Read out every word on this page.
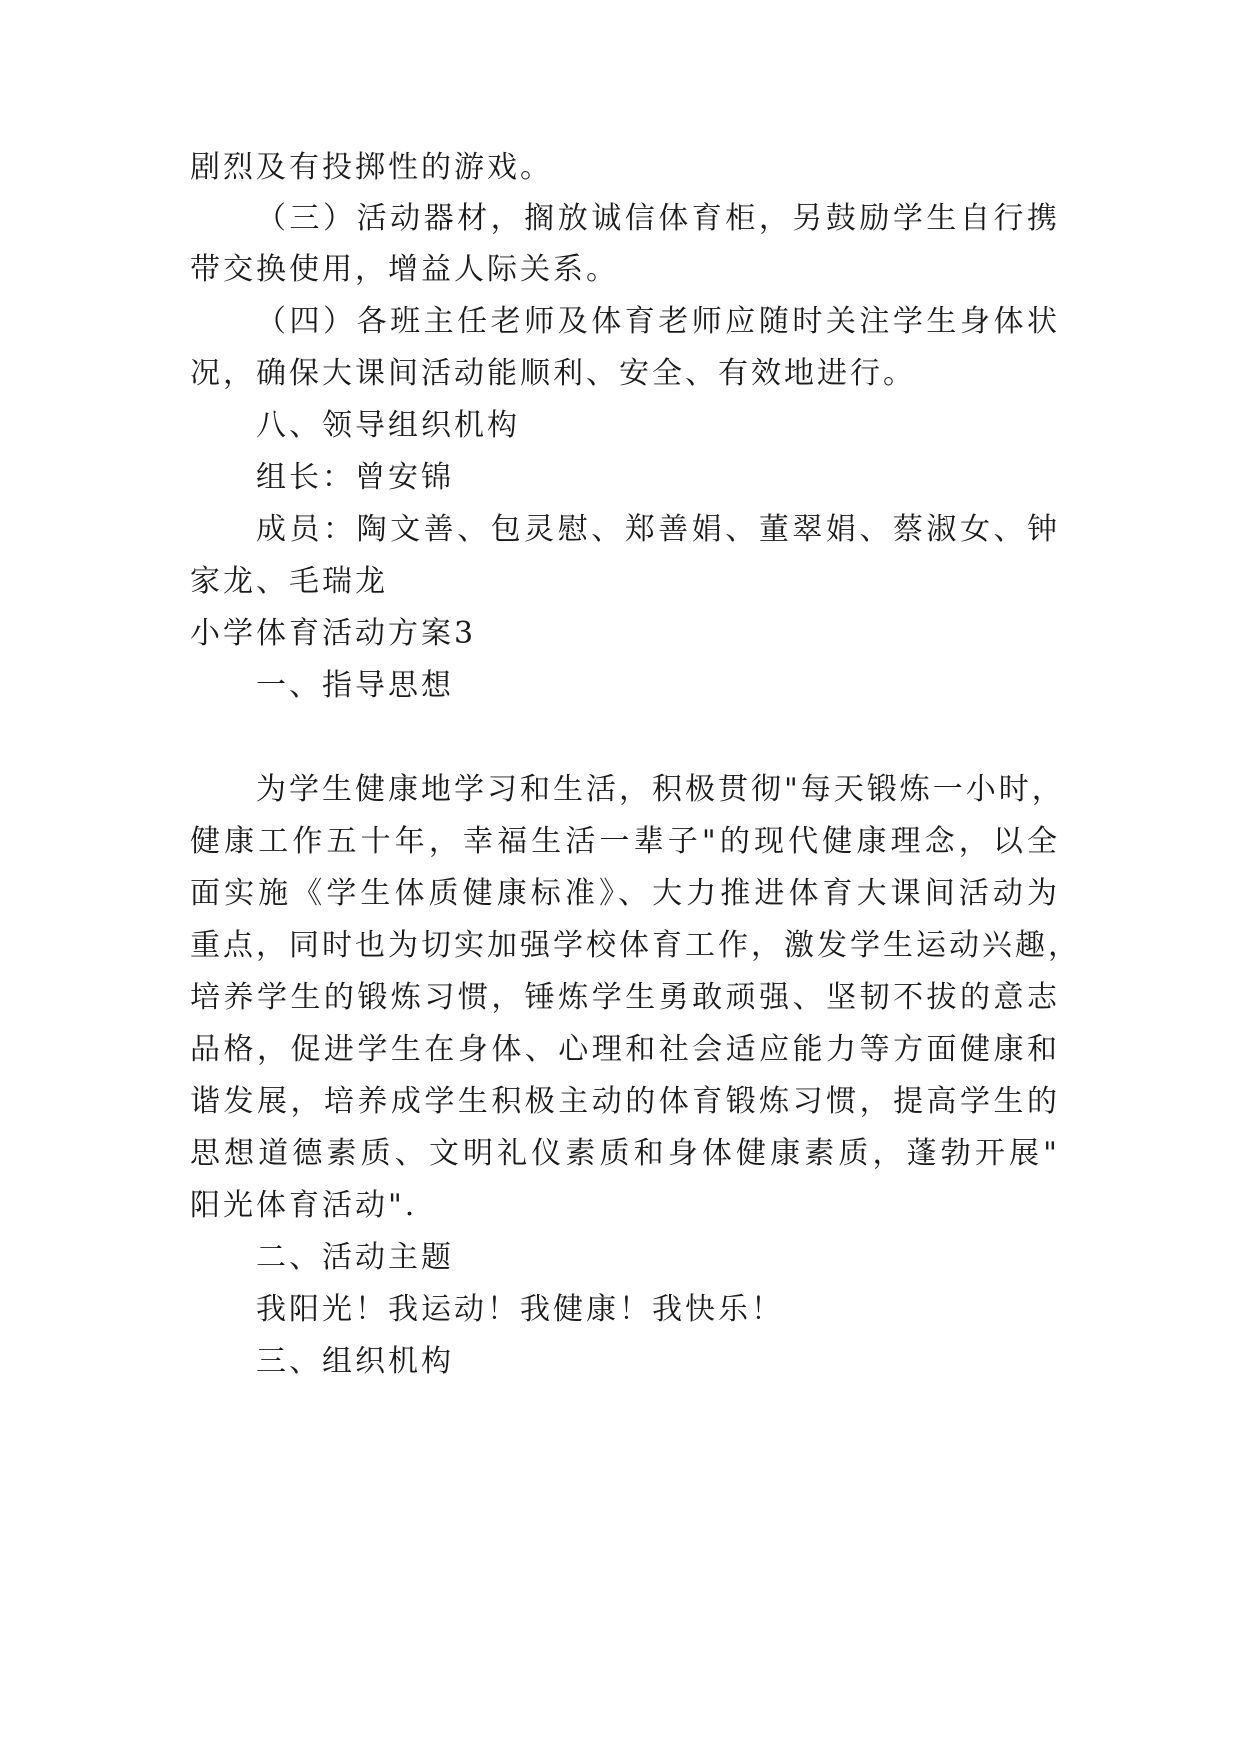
剧烈及有投掷性的游戏。
（三）活动器材，搁放诚信体育柜，另鼓励学生自行携
带交换使用，增益人际关系。
（四）各班主任老师及体育老师应随时关注学生身体状
况，确保大课间活动能顺利、安全、有效地进行。
八、领导组织机构
组长：曾安锦
成员：陶文善、包灵慰、郑善娟、董翠娟、蔡淑女、钟
家龙、毛瑞龙
小学体育活动方案3
一、指导思想
为学生健康地学习和生活，积极贯彻"每天锻炼一小时，
健康工作五十年，幸福生活一辈子"的现代健康理念，以全
面实施《学生体质健康标准》、大力推进体育大课间活动为
重点，同时也为切实加强学校体育工作，激发学生运动兴趣，
培养学生的锻炼习惯，锤炼学生勇敢顽强、坚韧不拔的意志
品格，促进学生在身体、心理和社会适应能力等方面健康和
谐发展，培养成学生积极主动的体育锻炼习惯，提高学生的
思想道德素质、文明礼仪素质和身体健康素质，蓬勃开展"
阳光体育活动".
二、活动主题
我阳光！我运动！我健康！我快乐！
三、组织机构
